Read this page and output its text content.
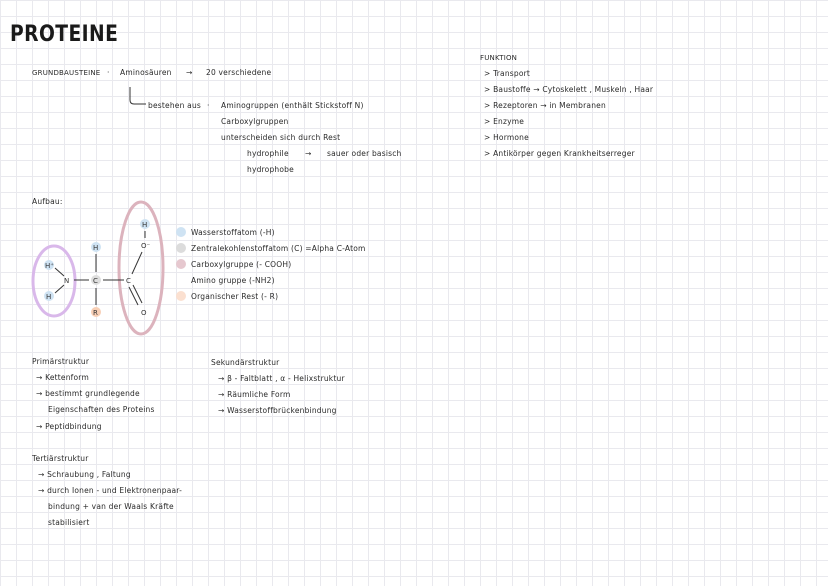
PROTEINE
GRUNDBAUSTEINE · Aminosäuren → 20 verschiedene
bestehen aus · Aminogruppen (enthält Stickstoff N)
Carboxylgruppen
unterscheiden sich durch Rest
hydrophile → sauer oder basisch
hydrophobe
FUNKTION
> Transport
> Baustoffe → Cytoskelett , Muskeln , Haar
> Rezeptoren → in Membranen
> Enzyme
> Hormone
> Antikörper gegen Krankheitserreger
Aufbau:
H
O⁻
H⁺
N
H
H
C	C
R	O
Wasserstoffatom (-H)
Zentralekohlenstoffatom (C) =Alpha C-Atom
Carboxylgruppe (- COOH)
Amino gruppe (-NH2)
Organischer Rest (- R)
Primärstruktur
→ Kettenform
→ bestimmt grundlegende
Eigenschaften des Proteins
→ Peptidbindung
Sekundärstruktur
→ β - Faltblatt , α - Helixstruktur
→ Räumliche Form
→ Wasserstoffbrückenbindung
Tertiärstruktur
→ Schraubung , Faltung
→ durch Ionen - und Elektronenpaar-
bindung + van der Waals Kräfte
stabilisiert
